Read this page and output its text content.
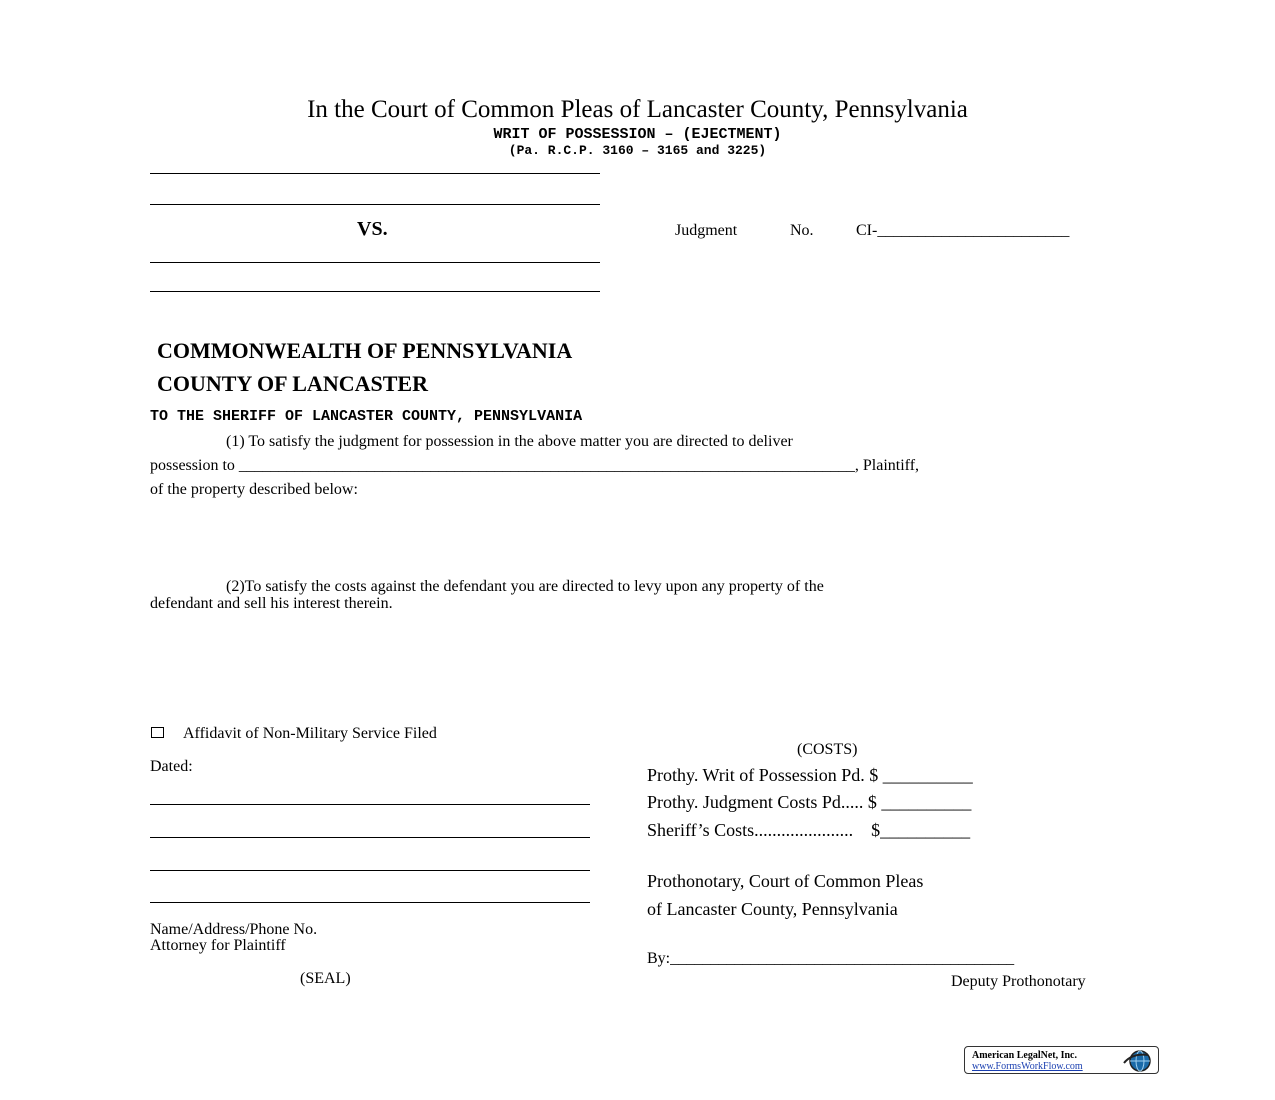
In the Court of Common Pleas of Lancaster County, Pennsylvania
WRIT OF POSSESSION – (EJECTMENT)
(Pa. R.C.P. 3160 – 3165 and 3225)
VS.	Judgment	No.	CI-________________________
COMMONWEALTH OF PENNSYLVANIA
COUNTY OF LANCASTER
TO THE SHERIFF OF LANCASTER COUNTY, PENNSYLVANIA
(1) To satisfy the judgment for possession in the above matter you are directed to deliver
possession to _____________________________________________________________________________, Plaintiff,
of the property described below:
(2)To satisfy the costs against the defendant you are directed to levy upon any property of the
defendant and sell his interest therein.
Affidavit of Non-Military Service Filed
Dated:
Name/Address/Phone No.
Attorney for Plaintiff
(SEAL)
(COSTS)
Prothy. Writ of Possession Pd. $ __________
Prothy. Judgment Costs Pd..... $ __________
Sheriff’s Costs......................    $__________
Prothonotary, Court of Common Pleas
of Lancaster County, Pennsylvania
By:___________________________________________
Deputy Prothonotary
American LegalNet, Inc.
www.FormsWorkFlow.com
